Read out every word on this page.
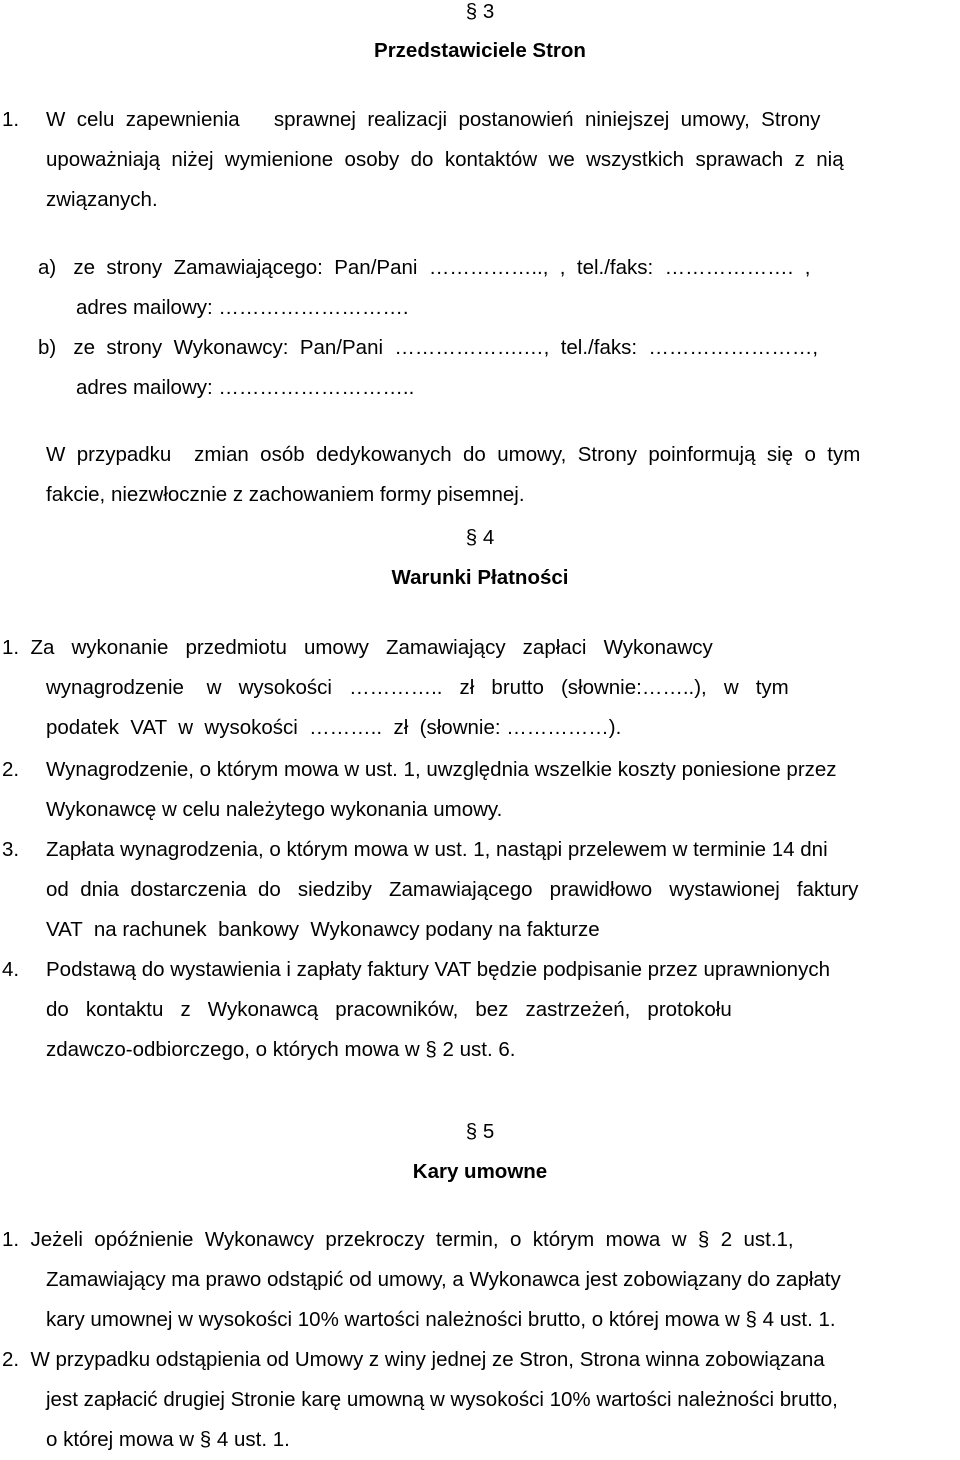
§ 3
Przedstawiciele Stron
1. W  celu  zapewnienia      sprawnej  realizacji  postanowień  niniejszej  umowy,  Strony
upoważniają  niżej  wymienione  osoby  do  kontaktów  we  wszystkich  sprawach  z  nią
związanych.
a)   ze  strony  Zamawiającego:  Pan/Pani  ……………..,  ,  tel./faks:  ……………….  ,
adres mailowy: ……………………….
b)   ze  strony  Wykonawcy:  Pan/Pani  ……………….…,  tel./faks:  ……………………,
adres mailowy: ………………………..
W  przypadku    zmian  osób  dedykowanych  do  umowy,  Strony  poinformują  się  o  tym
fakcie, niezwłocznie z zachowaniem formy pisemnej.
§ 4
Warunki Płatności
1.  Za   wykonanie   przedmiotu   umowy   Zamawiający   zapłaci   Wykonawcy
wynagrodzenie    w   wysokości   …………..   zł   brutto   (słownie:……..),   w   tym
podatek  VAT  w  wysokości  ………..  zł  (słownie: ……………).
2. Wynagrodzenie, o którym mowa w ust. 1, uwzględnia wszelkie koszty poniesione przez
Wykonawcę w celu należytego wykonania umowy.
3. Zapłata wynagrodzenia, o którym mowa w ust. 1, nastąpi przelewem w terminie 14 dni
od  dnia  dostarczenia  do   siedziby   Zamawiającego   prawidłowo   wystawionej   faktury
VAT  na rachunek  bankowy  Wykonawcy podany na fakturze
4. Podstawą do wystawienia i zapłaty faktury VAT będzie podpisanie przez uprawnionych
do   kontaktu   z   Wykonawcą   pracowników,   bez   zastrzeżeń,   protokołu
zdawczo-odbiorczego, o których mowa w § 2 ust. 6.
§ 5
Kary umowne
1.  Jeżeli  opóźnienie  Wykonawcy  przekroczy  termin,  o  którym  mowa  w  §  2  ust.1,
Zamawiający ma prawo odstąpić od umowy, a Wykonawca jest zobowiązany do zapłaty
kary umownej w wysokości 10% wartości należności brutto, o której mowa w § 4 ust. 1.
2.  W przypadku odstąpienia od Umowy z winy jednej ze Stron, Strona winna zobowiązana
jest zapłacić drugiej Stronie karę umowną w wysokości 10% wartości należności brutto,
o której mowa w § 4 ust. 1.
